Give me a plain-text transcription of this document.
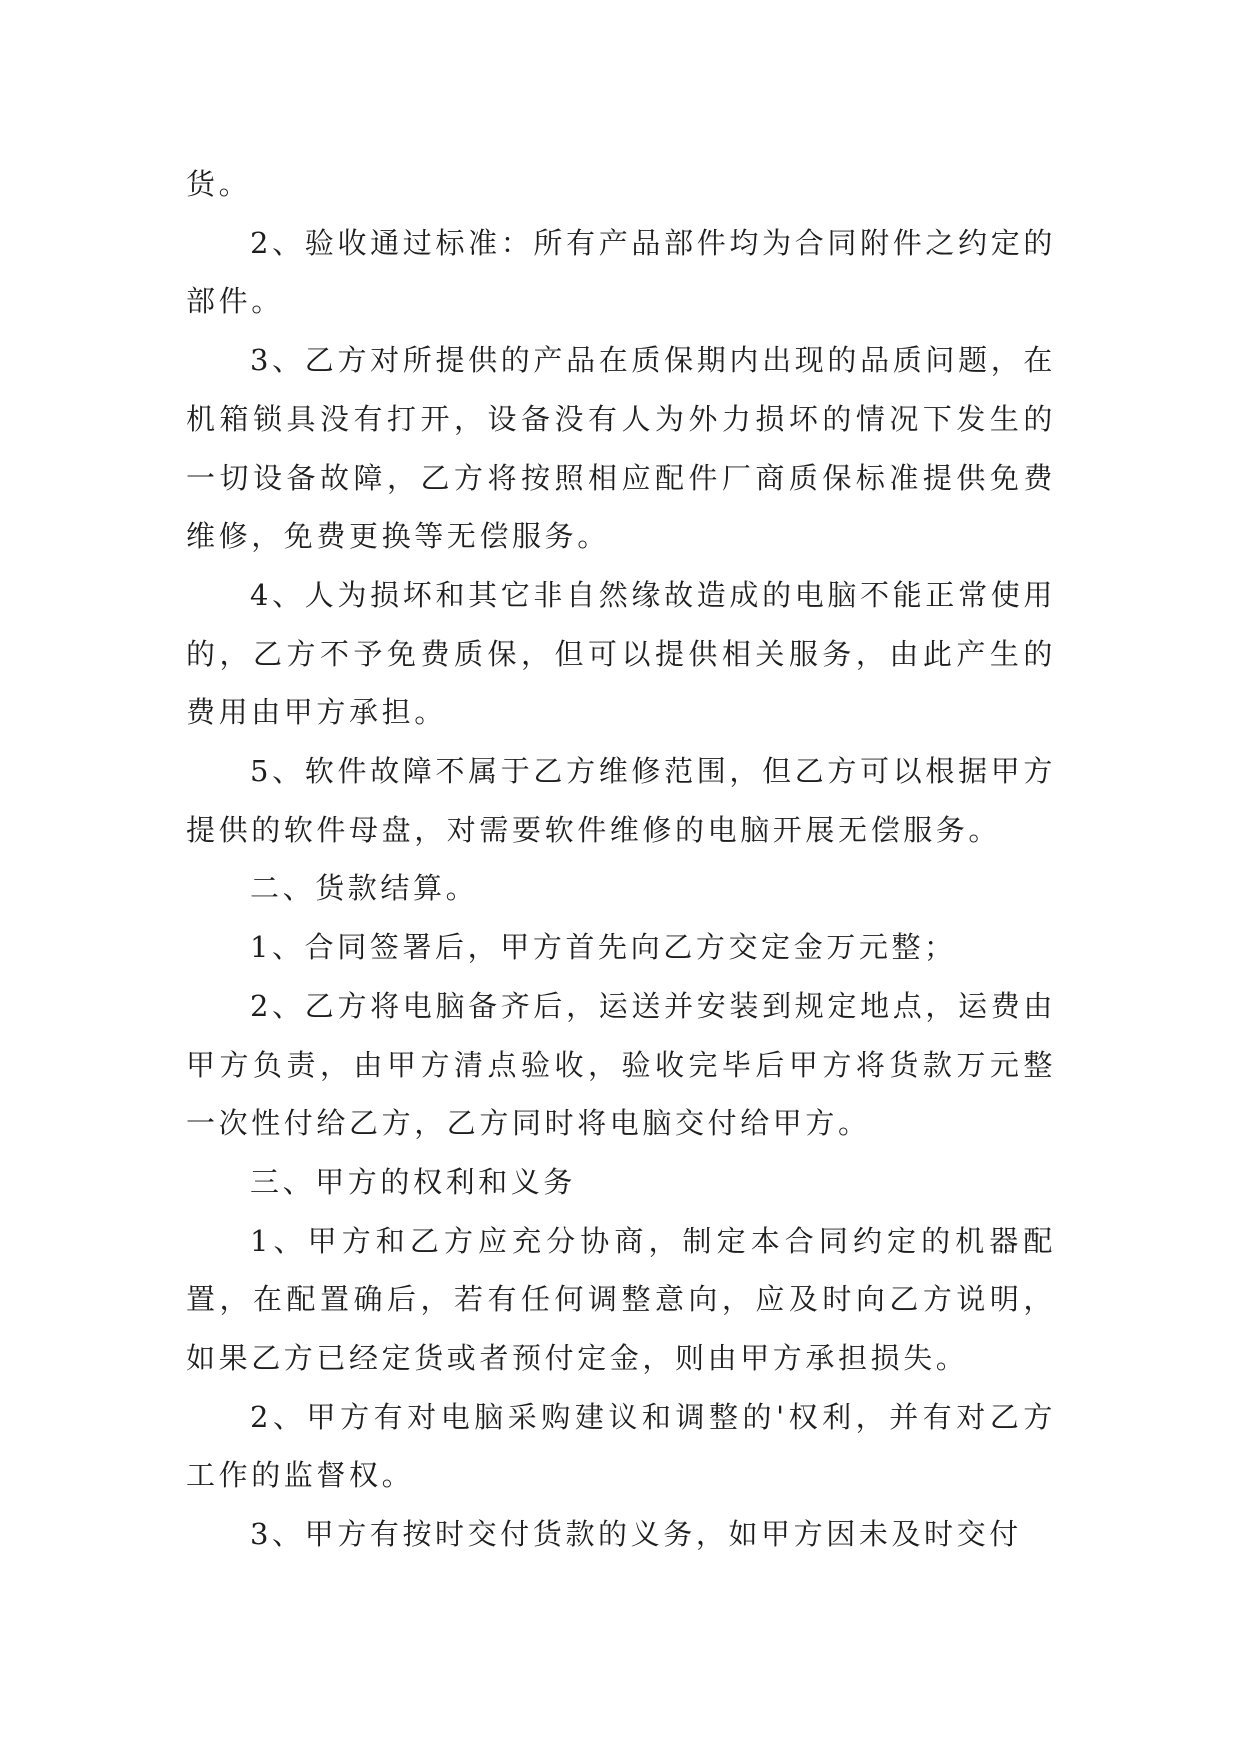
货。

2、验收通过标准：所有产品部件均为合同附件之约定的部件。

3、乙方对所提供的产品在质保期内出现的品质问题，在机箱锁具没有打开，设备没有人为外力损坏的情况下发生的一切设备故障，乙方将按照相应配件厂商质保标准提供免费维修，免费更换等无偿服务。

4、人为损坏和其它非自然缘故造成的电脑不能正常使用的，乙方不予免费质保，但可以提供相关服务，由此产生的费用由甲方承担。

5、软件故障不属于乙方维修范围，但乙方可以根据甲方提供的软件母盘，对需要软件维修的电脑开展无偿服务。

二、货款结算。

1、合同签署后，甲方首先向乙方交定金万元整；

2、乙方将电脑备齐后，运送并安装到规定地点，运费由甲方负责，由甲方清点验收，验收完毕后甲方将货款万元整一次性付给乙方，乙方同时将电脑交付给甲方。

三、甲方的权利和义务

1、甲方和乙方应充分协商，制定本合同约定的机器配置，在配置确后，若有任何调整意向，应及时向乙方说明，如果乙方已经定货或者预付定金，则由甲方承担损失。

2、甲方有对电脑采购建议和调整的'权利，并有对乙方工作的监督权。

3、甲方有按时交付货款的义务，如甲方因未及时交付
